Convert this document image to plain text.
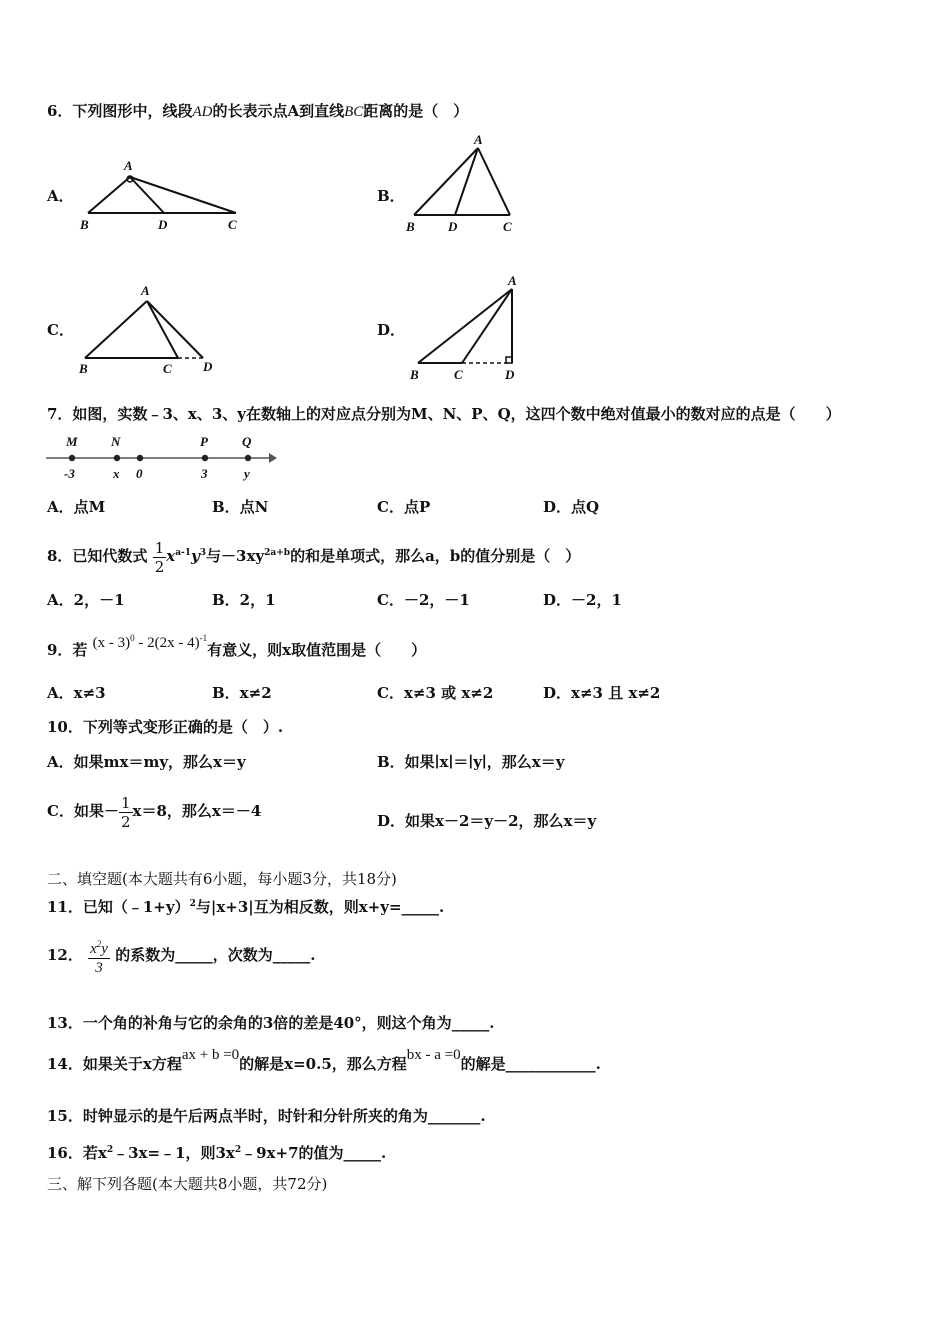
6．下列图形中，线段AD的长表示点A到直线BC距离的是（　）
A．
A
B	D	C
B．
A
B	D	C
C．
A
B	C D
D．
A
B	C	D
7．如图，实数﹣3、x、3、y在数轴上的对应点分别为M、N、P、Q，这四个数中绝对值最小的数对应的点是（　　）
M	N	P	Q
-3	x 0	3	y
A．点M	B．点N	C．点P	D．点Q
8．已知代数式 $\frac{1}{2} x^{a-1}y^3$与$-3xy^{2a+b}$的和是单项式，那么a，b的值分别是（　）
A．2，－1	B．2，1	C．－2，－1	D．－2，1
9．若 (x - 3)$^0$ - 2(2x - 4)$^{-1}$有意义，则x取值范围是（　　）
A．x≠3	B．x≠2	C．x≠3 或 x≠2	D．x≠3 且 x≠2
10．下列等式变形正确的是（　）.
A．如果mx＝my，那么x＝y	B．如果∣x∣＝∣y∣，那么x＝y
C．如果－ $\frac{1}{2} x=8$，那么x＝－4
D．如果x－2＝y－2，那么x＝y
二、填空题(本大题共有6小题，每小题3分，共18分)
11．已知（﹣1+y）$^2$与|x+3|互为相反数，则x+y=_____.
12． $\frac{x^2y}{3}$ 的系数为_____，次数为_____.
13．一个角的补角与它的余角的3倍的差是40°，则这个角为_____.
14．如果关于x方程ax + b =0的解是x=0.5，那么方程bx - a =0的解是____________.
15．时钟显示的是午后两点半时，时针和分针所夹的角为_______.
16．若$x^2﹣3x=﹣1$，则$3x^2﹣9x+7$的值为_____.
三、解下列各题(本大题共8小题，共72分)
